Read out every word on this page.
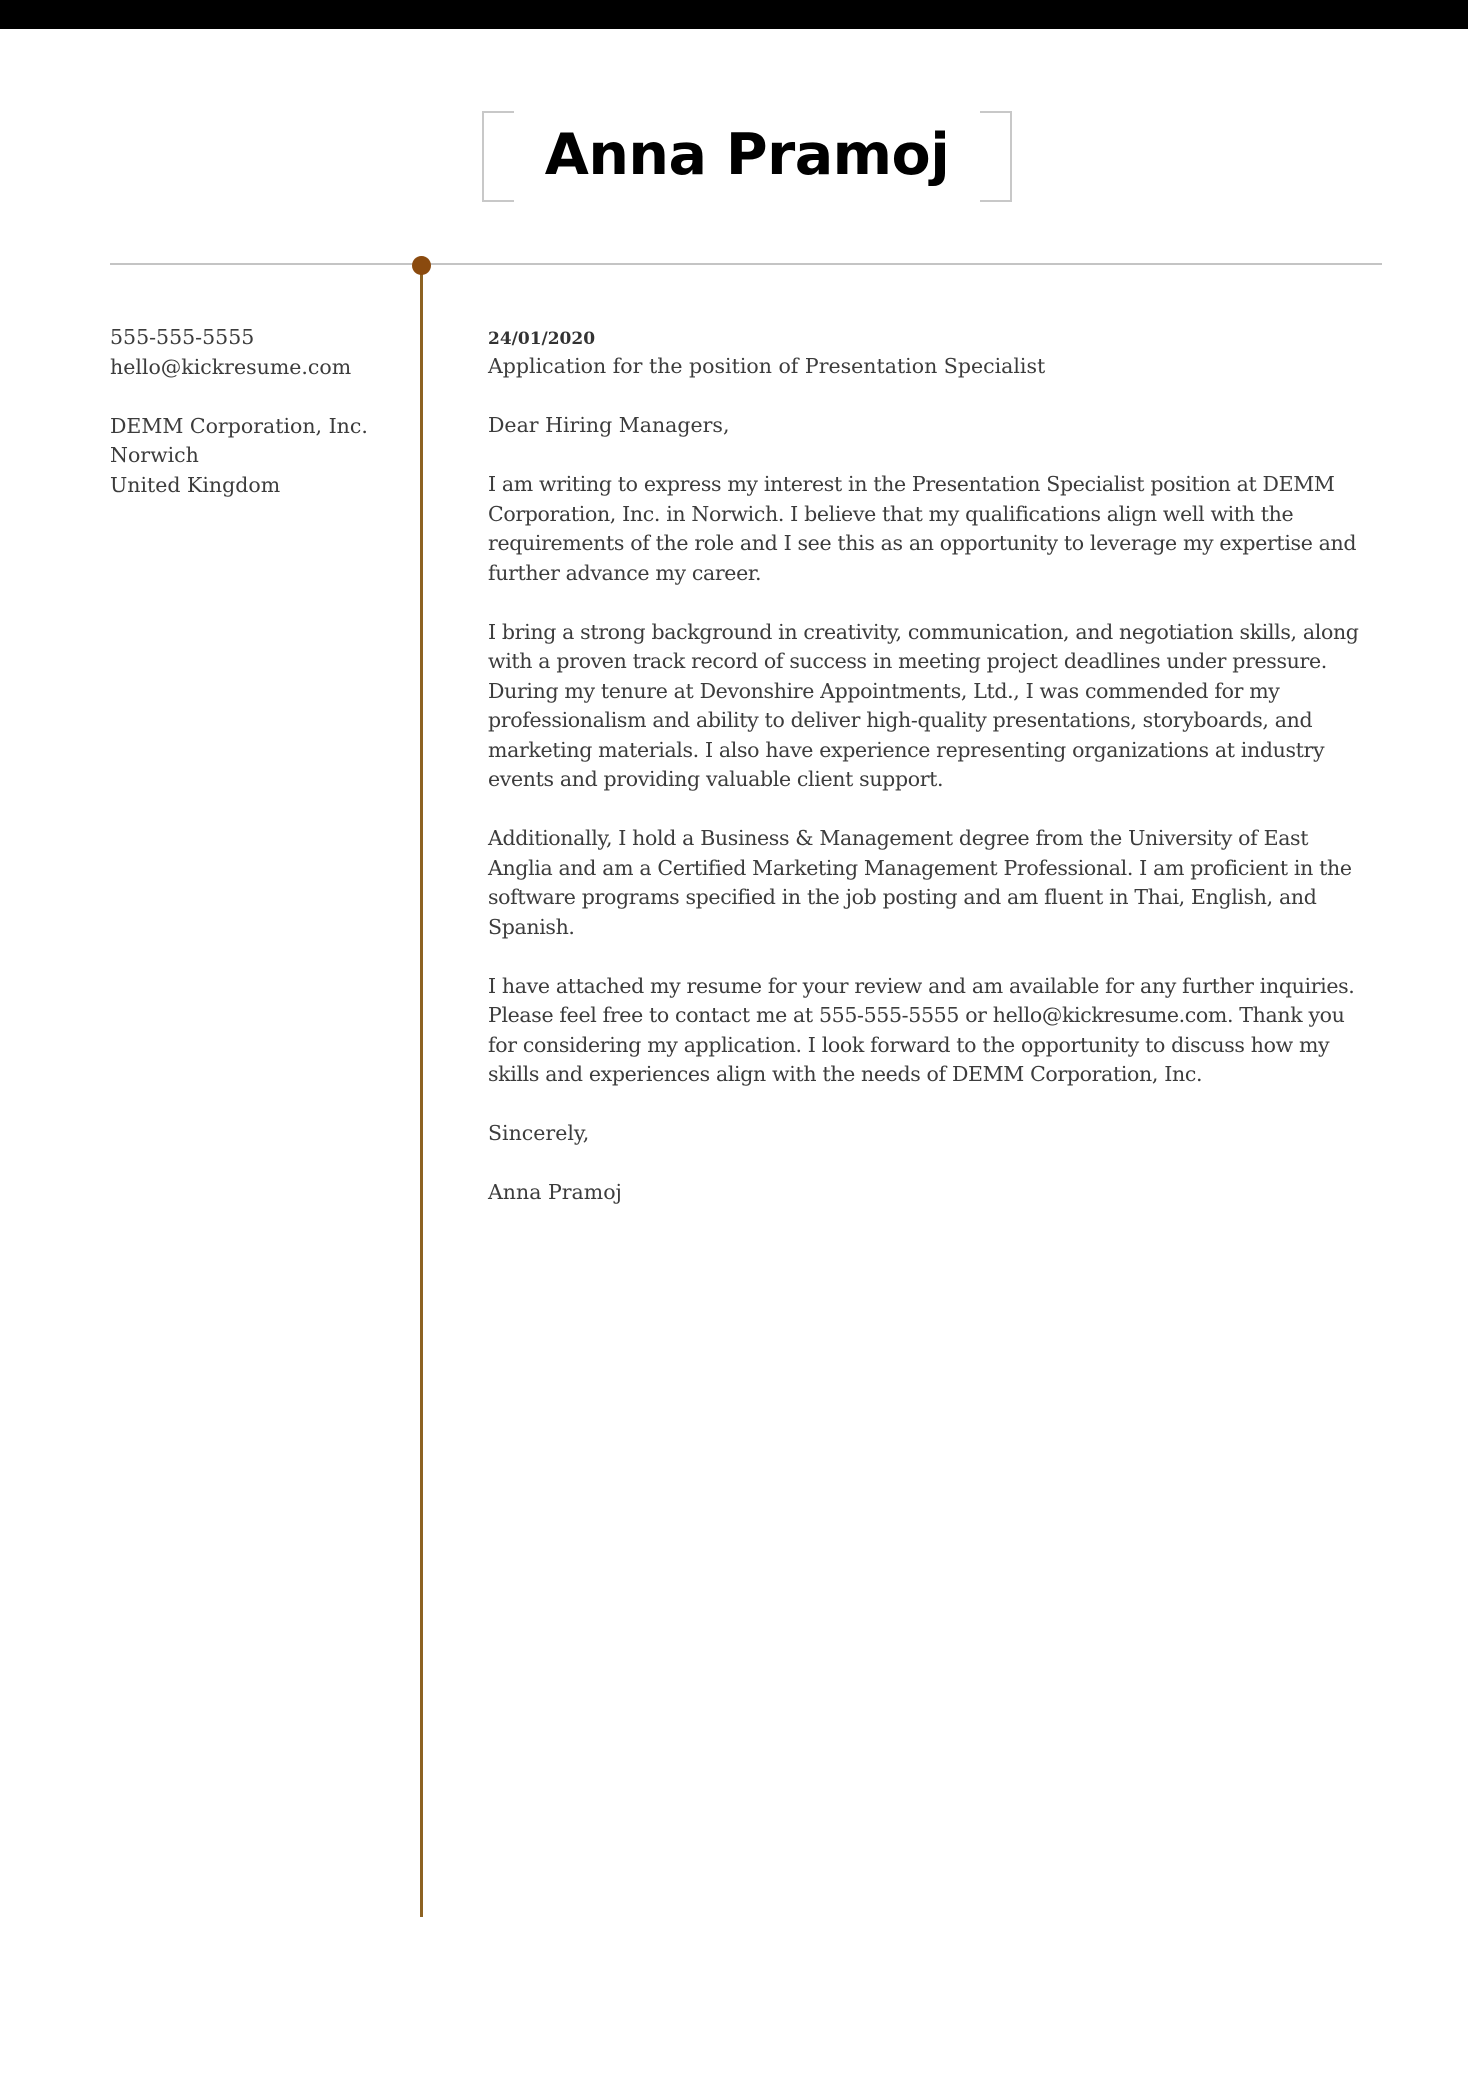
Anna Pramoj
555-555-5555
hello@kickresume.com
DEMM Corporation, Inc.
Norwich
United Kingdom
24/01/2020
Application for the position of Presentation Specialist

Dear Hiring Managers,

I am writing to express my interest in the Presentation Specialist position at DEMM Corporation, Inc. in Norwich. I believe that my qualifications align well with the requirements of the role and I see this as an opportunity to leverage my expertise and further advance my career.

I bring a strong background in creativity, communication, and negotiation skills, along with a proven track record of success in meeting project deadlines under pressure. During my tenure at Devonshire Appointments, Ltd., I was commended for my professionalism and ability to deliver high-quality presentations, storyboards, and marketing materials. I also have experience representing organizations at industry events and providing valuable client support.

Additionally, I hold a Business & Management degree from the University of East Anglia and am a Certified Marketing Management Professional. I am proficient in the software programs specified in the job posting and am fluent in Thai, English, and Spanish.

I have attached my resume for your review and am available for any further inquiries. Please feel free to contact me at 555-555-5555 or hello@kickresume.com. Thank you for considering my application. I look forward to the opportunity to discuss how my skills and experiences align with the needs of DEMM Corporation, Inc.

Sincerely,

Anna Pramoj
